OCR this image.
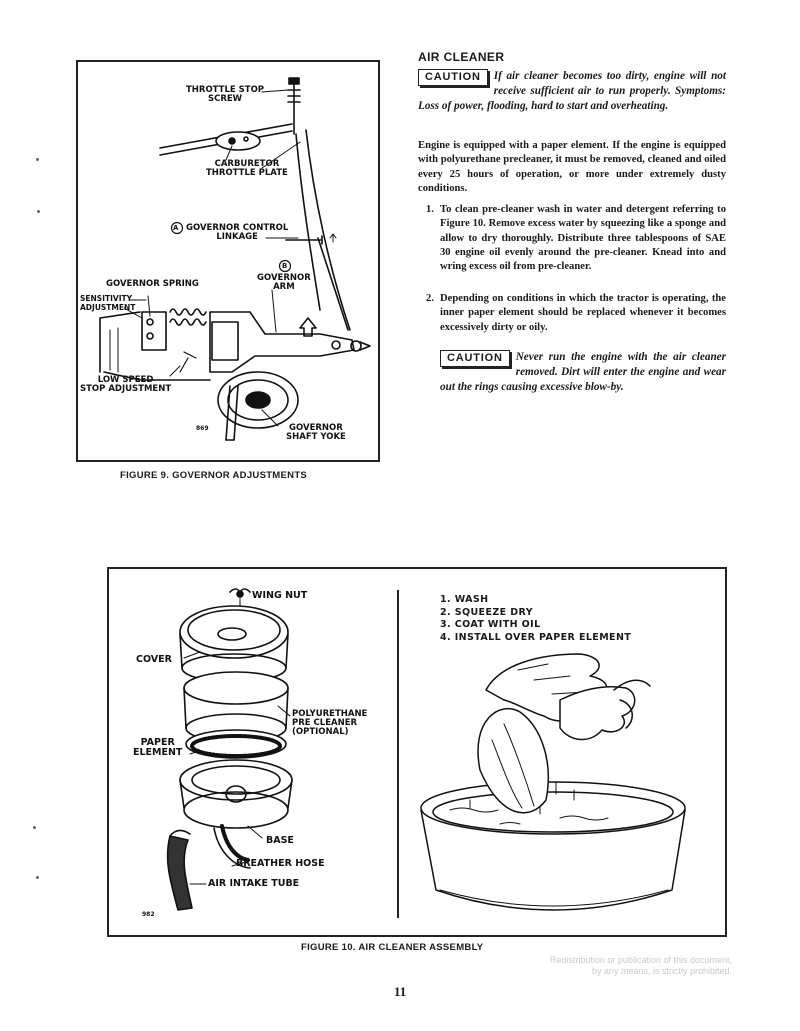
THROTTLE STOP
SCREW
CARBURETOR
THROTTLE PLATE
A GOVERNOR CONTROL
LINKAGE
B
GOVERNOR
ARM
GOVERNOR SPRING
SENSITIVITY
ADJUSTMENT
LOW SPEED
STOP ADJUSTMENT
869	GOVERNOR
SHAFT YOKE
FIGURE 9. GOVERNOR ADJUSTMENTS
AIR CLEANER
CAUTION	If air cleaner becomes too dirty, engine will not receive sufficient air to run properly. Symptoms: Loss of power, flooding, hard to start and overheating.
Engine is equipped with a paper element. If the engine is equipped with polyurethane precleaner, it must be removed, cleaned and oiled every 25 hours of operation, or more under extremely dusty conditions.
1. To clean pre-cleaner wash in water and detergent referring to Figure 10. Remove excess water by squeezing like a sponge and allow to dry thoroughly. Distribute three tablespoons of SAE 30 engine oil evenly around the pre-cleaner. Knead into and wring excess oil from pre-cleaner.
2. Depending on conditions in which the tractor is operating, the inner paper element should be replaced whenever it becomes excessively dirty or oily.
CAUTION	Never run the engine with the air cleaner removed. Dirt will enter the engine and wear out the rings causing excessive blow-by.
WING NUT
COVER
POLYURETHANE
PRE CLEANER
(OPTIONAL)
PAPER
ELEMENT
BASE
BREATHER HOSE
AIR INTAKE TUBE
982
1. WASH
2. SQUEEZE DRY
3. COAT WITH OIL
4. INSTALL OVER PAPER ELEMENT
FIGURE 10. AIR CLEANER ASSEMBLY
Redistribution or publication of this document,
by any means, is strictly prohibited.
11
